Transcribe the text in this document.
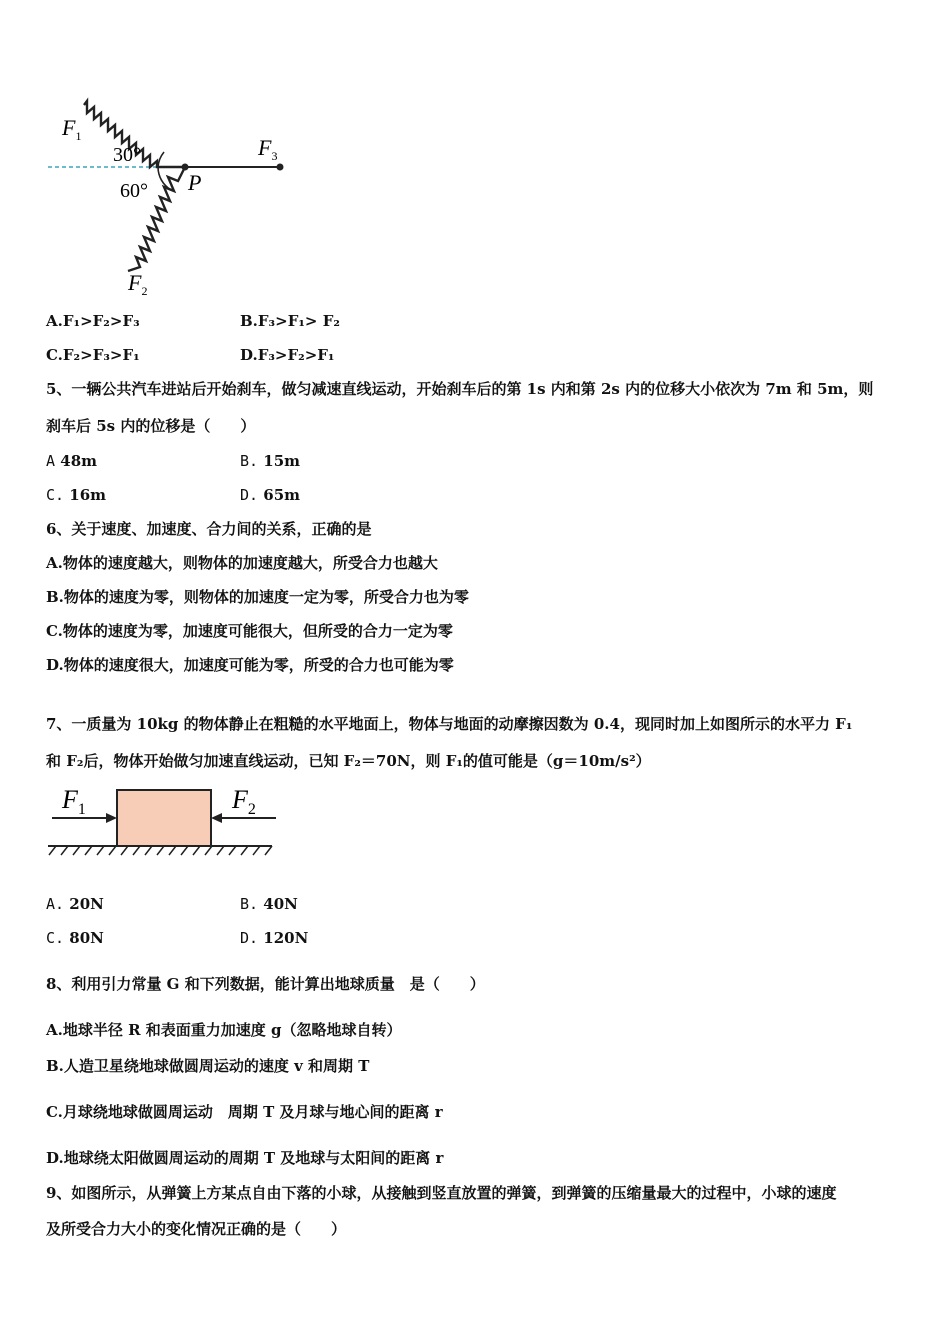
$F_1$
30°
60° P
$F_3$
$F_2$
A.F₁>F₂>F₃	B.F₃>F₁> F₂
C.F₂>F₃>F₁	D.F₃>F₂>F₁
5、一辆公共汽车进站后开始刹车，做匀减速直线运动，开始刹车后的第 1s 内和第 2s 内的位移大小依次为 7m 和 5m，则
刹车后 5s 内的位移是（　　）
A 48m	B. 15m
C. 16m	D. 65m
6、关于速度、加速度、合力间的关系，正确的是
A.物体的速度越大，则物体的加速度越大，所受合力也越大
B.物体的速度为零，则物体的加速度一定为零，所受合力也为零
C.物体的速度为零，加速度可能很大，但所受的合力一定为零
D.物体的速度很大，加速度可能为零，所受的合力也可能为零
7、一质量为 10kg 的物体静止在粗糙的水平地面上，物体与地面的动摩擦因数为 0.4，现同时加上如图所示的水平力 F₁
和 F₂后，物体开始做匀加速直线运动，已知 F₂＝70N，则 F₁的值可能是（g＝10m/s²）
$F_1$	$F_2$
A. 20N	B. 40N
C. 80N	D. 120N
8、利用引力常量 G 和下列数据，能计算出地球质量　是（　　）
A.地球半径 R 和表面重力加速度 g（忽略地球自转）
B.人造卫星绕地球做圆周运动的速度 v 和周期 T
C.月球绕地球做圆周运动　周期 T 及月球与地心间的距离 r
D.地球绕太阳做圆周运动的周期 T 及地球与太阳间的距离 r
9、如图所示，从弹簧上方某点自由下落的小球，从接触到竖直放置的弹簧，到弹簧的压缩量最大的过程中，小球的速度
及所受合力大小的变化情况正确的是（　　）
